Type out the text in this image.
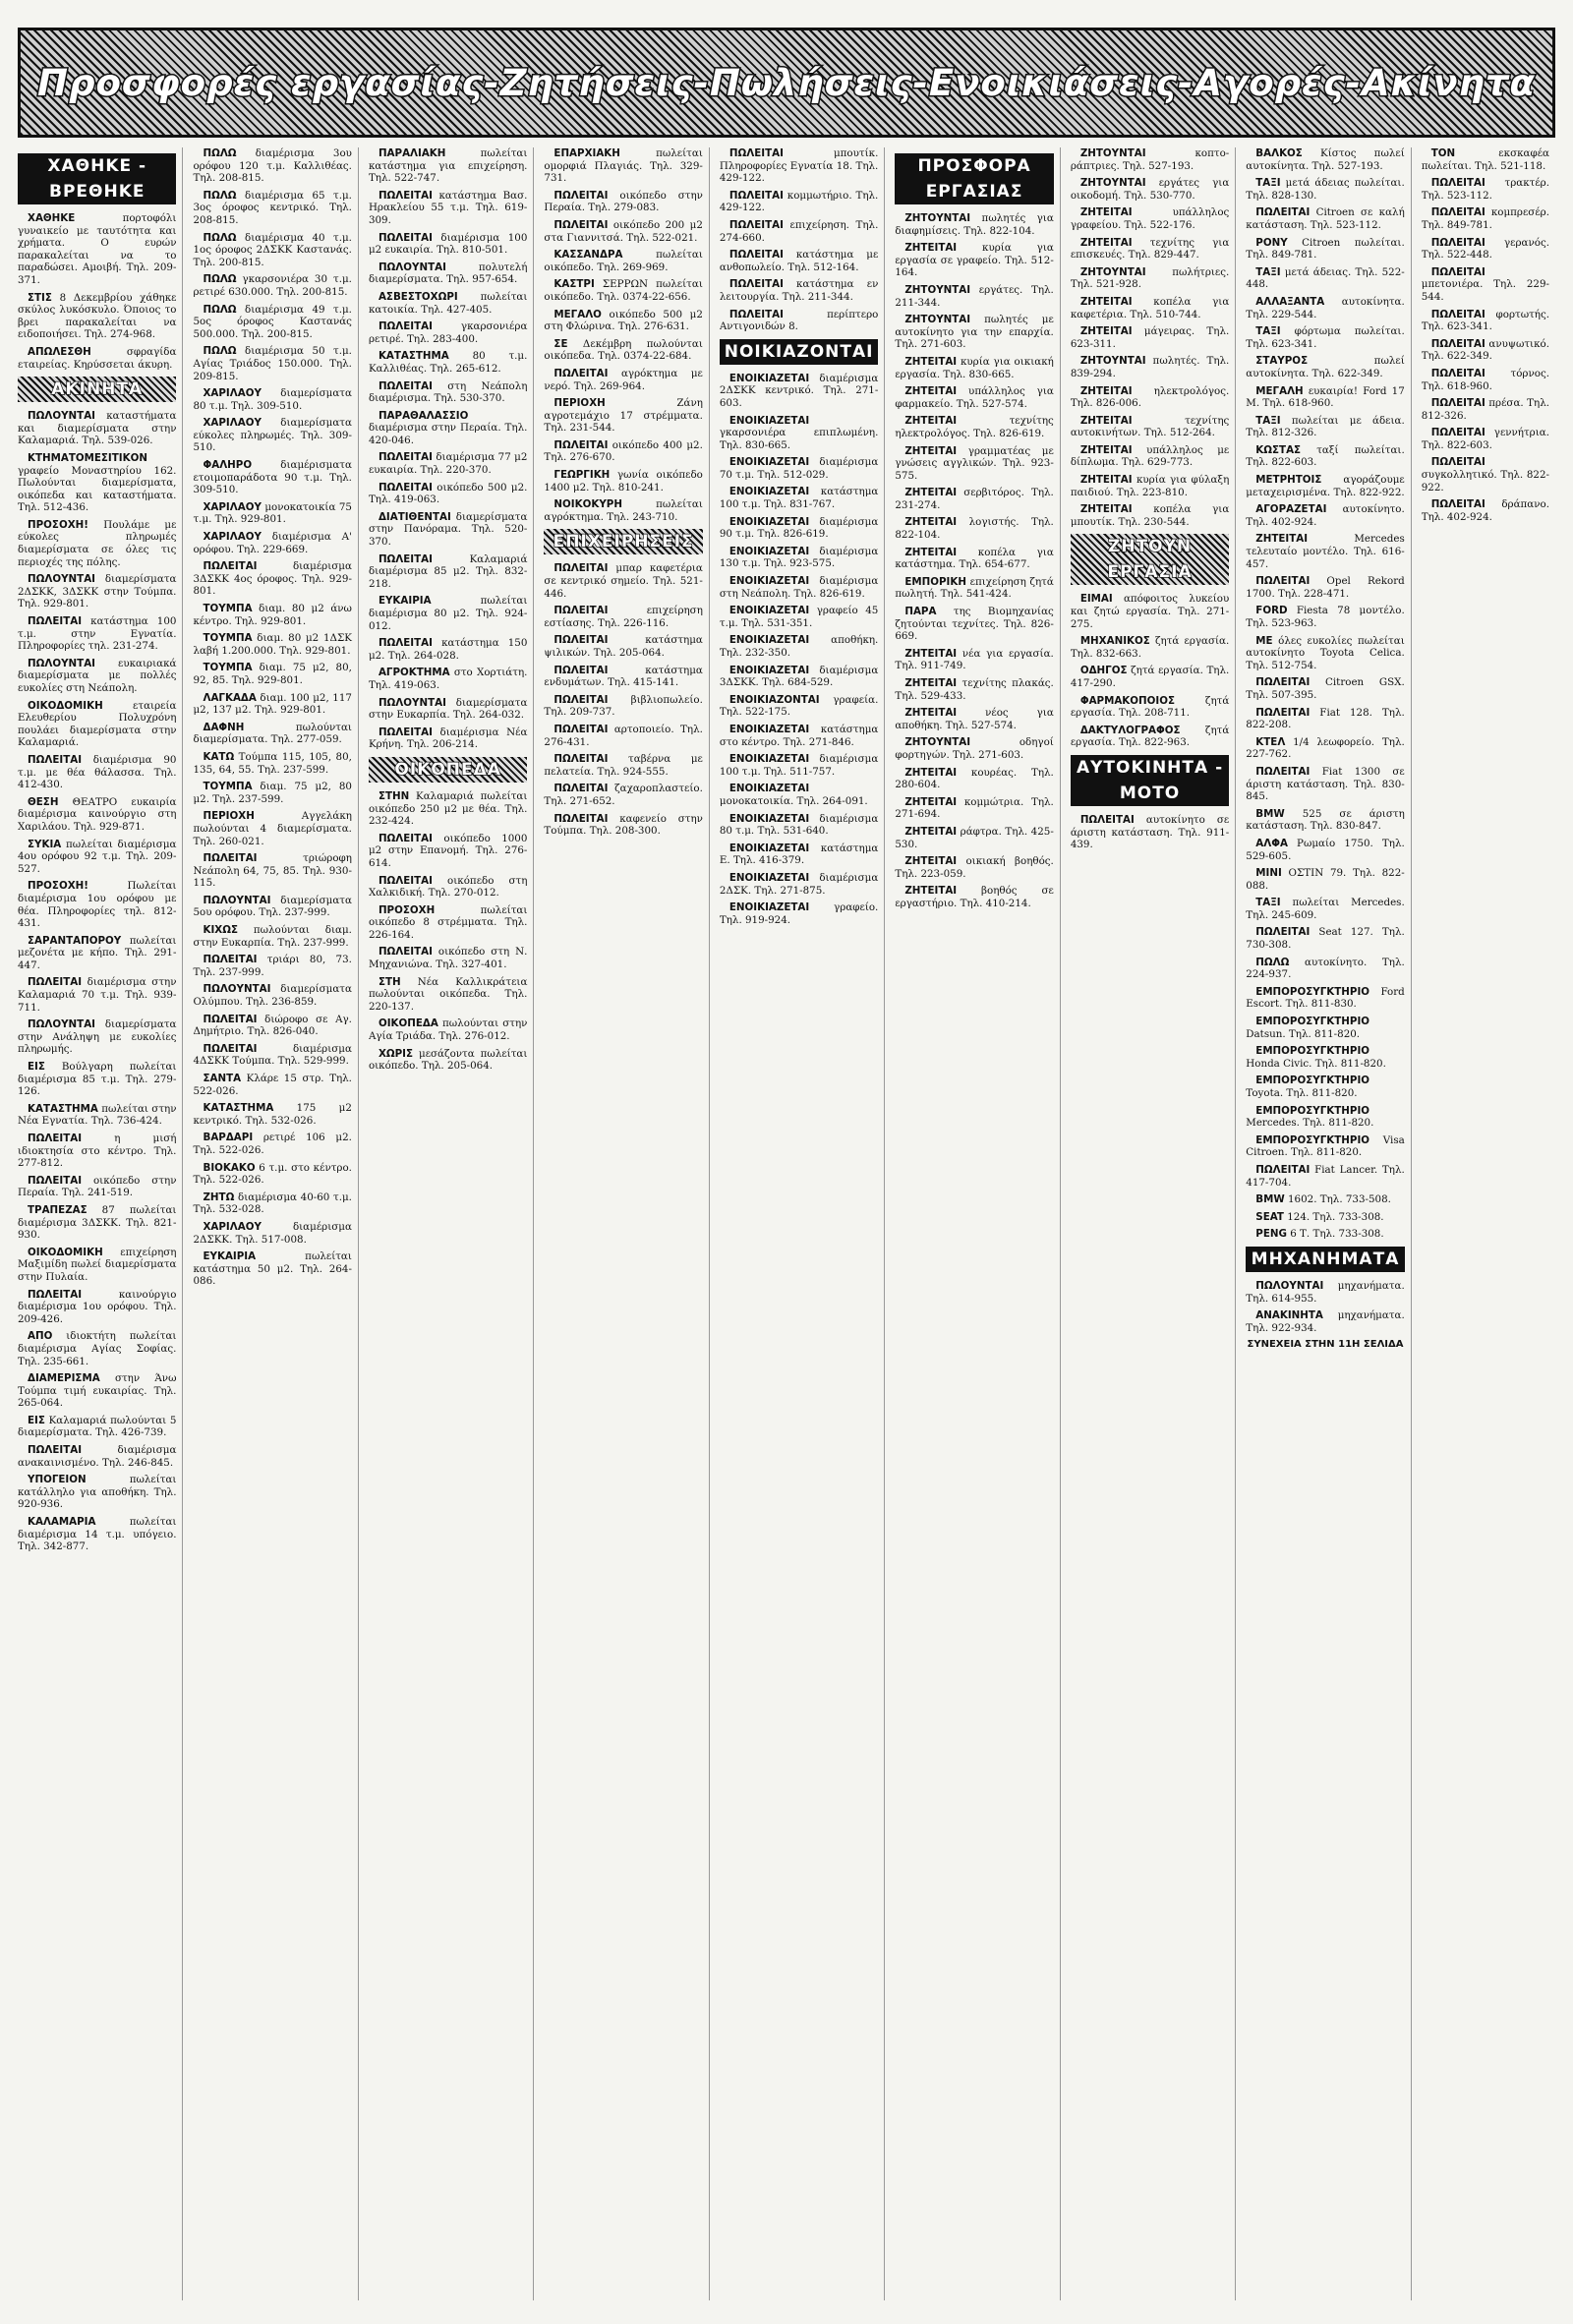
Προσφορές εργασίας-Ζητήσεις-Πωλήσεις-Ενοικιάσεις-Αγορές-Ακίνητα
ΧΑΘΗΚΕ - ΒΡΕΘΗΚΕ

ΧΑΘΗΚΕ πορτοφόλι γυναικείο με ταυτότητα και χρήματα. Ο ευρών παρακαλείται να το παραδώσει. Αμοιβή. Τηλ. 209-371.

ΣΤΙΣ 8 Δεκεμβρίου χάθηκε σκύλος λυκόσκυλο. Όποιος το βρει παρακαλείται να ειδοποιήσει. Τηλ. 274-968.

ΑΠΩΛΕΣΘΗ σφραγίδα εταιρείας. Κηρύσσεται άκυρη.

ΑΚΙΝΗΤΑ

ΠΩΛΟΥΝΤΑΙ καταστήματα και διαμερίσματα στην Καλαμαριά. Τηλ. 539-026.

ΚΤΗΜΑΤΟΜΕΣΙΤΙΚΟΝ γραφείο Μοναστηρίου 162. Πωλούνται διαμερίσματα, οικόπεδα και καταστήματα. Τηλ. 512-436.

ΠΡΟΣΟΧΗ! Πουλάμε με εύκολες πληρωμές διαμερίσματα σε όλες τις περιοχές της πόλης.

ΠΩΛΟΥΝΤΑΙ διαμερίσματα 2ΔΣΚΚ, 3ΔΣΚΚ στην Τούμπα. Τηλ. 929-801.

ΠΩΛΕΙΤΑΙ κατάστημα 100 τ.μ. στην Εγνατία. Πληροφορίες τηλ. 231-274.

ΠΩΛΟΥΝΤΑΙ ευκαιριακά διαμερίσματα με πολλές ευκολίες στη Νεάπολη.

ΟΙΚΟΔΟΜΙΚΗ εταιρεία Ελευθερίου Πολυχρόνη πουλάει διαμερίσματα στην Καλαμαριά.

ΠΩΛΕΙΤΑΙ διαμέρισμα 90 τ.μ. με θέα θάλασσα. Τηλ. 412-430.

ΘΕΣΗ ΘΕΑΤΡΟ ευκαιρία διαμέρισμα καινούργιο στη Χαριλάου. Τηλ. 929-871.

ΣΥΚΙΑ πωλείται διαμέρισμα 4ου ορόφου 92 τ.μ. Τηλ. 209-527.

ΠΡΟΣΟΧΗ! Πωλείται διαμέρισμα 1ου ορόφου με θέα. Πληροφορίες τηλ. 812-431.

ΣΑΡΑΝΤΑΠΟΡΟΥ πωλείται μεζονέτα με κήπο. Τηλ. 291-447.

ΠΩΛΕΙΤΑΙ διαμέρισμα στην Καλαμαριά 70 τ.μ. Τηλ. 939-711.

ΠΩΛΟΥΝΤΑΙ διαμερίσματα στην Ανάληψη με ευκολίες πληρωμής.

ΕΙΣ Βούλγαρη πωλείται διαμέρισμα 85 τ.μ. Τηλ. 279-126.

ΚΑΤΑΣΤΗΜΑ πωλείται στην Νέα Εγνατία. Τηλ. 736-424.

ΠΩΛΕΙΤΑΙ η μισή ιδιοκτησία στο κέντρο. Τηλ. 277-812.

ΠΩΛΕΙΤΑΙ οικόπεδο στην Περαία. Τηλ. 241-519.

ΤΡΑΠΕΖΑΣ 87 πωλείται διαμέρισμα 3ΔΣΚΚ. Τηλ. 821-930.

ΟΙΚΟΔΟΜΙΚΗ επιχείρηση Μαξιμίδη πωλεί διαμερίσματα στην Πυλαία.

ΠΩΛΕΙΤΑΙ καινούργιο διαμέρισμα 1ου ορόφου. Τηλ. 209-426.

ΑΠΟ ιδιοκτήτη πωλείται διαμέρισμα Αγίας Σοφίας. Τηλ. 235-661.

ΔΙΑΜΕΡΙΣΜΑ στην Άνω Τούμπα τιμή ευκαιρίας. Τηλ. 265-064.

ΕΙΣ Καλαμαριά πωλούνται 5 διαμερίσματα. Τηλ. 426-739.

ΠΩΛΕΙΤΑΙ διαμέρισμα ανακαινισμένο. Τηλ. 246-845.

ΥΠΟΓΕΙΟΝ πωλείται κατάλληλο για αποθήκη. Τηλ. 920-936.

ΚΑΛΑΜΑΡΙΑ πωλείται διαμέρισμα 14 τ.μ. υπόγειο. Τηλ. 342-877.

ΠΩΛΩ διαμέρισμα 3ου ορόφου 120 τ.μ. Καλλιθέας. Τηλ. 208-815.

ΠΩΛΩ διαμέρισμα 65 τ.μ. 3ος όροφος κεντρικό. Τηλ. 208-815.

ΠΩΛΩ διαμέρισμα 40 τ.μ. 1ος όροφος 2ΔΣΚΚ Καστανάς. Τηλ. 200-815.

ΠΩΛΩ γκαρσονιέρα 30 τ.μ. ρετιρέ 630.000. Τηλ. 200-815.

ΠΩΛΩ διαμέρισμα 49 τ.μ. 5ος όροφος Καστανάς 500.000. Τηλ. 200-815.

ΠΩΛΩ διαμέρισμα 50 τ.μ. Αγίας Τριάδος 150.000. Τηλ. 209-815.

ΧΑΡΙΛΑΟΥ διαμερίσματα 80 τ.μ. Τηλ. 309-510.

ΧΑΡΙΛΑΟΥ διαμερίσματα εύκολες πληρωμές. Τηλ. 309-510.

ΦΑΛΗΡΟ διαμέρισματα ετοιμοπαράδοτα 90 τ.μ. Τηλ. 309-510.

ΧΑΡΙΛΑΟΥ μονοκατοικία 75 τ.μ. Τηλ. 929-801.

ΧΑΡΙΛΑΟΥ διαμέρισμα Α' ορόφου. Τηλ. 229-669.

ΠΩΛΕΙΤΑΙ διαμέρισμα 3ΔΣΚΚ 4ος όροφος. Τηλ. 929-801.

ΤΟΥΜΠΑ διαμ. 80 μ2 άνω κέντρο. Τηλ. 929-801.

ΤΟΥΜΠΑ διαμ. 80 μ2 1ΔΣΚ λαβή 1.200.000. Τηλ. 929-801.

ΤΟΥΜΠΑ διαμ. 75 μ2, 80, 92, 85. Τηλ. 929-801.

ΛΑΓΚΑΔΑ διαμ. 100 μ2, 117 μ2, 137 μ2. Τηλ. 929-801.

ΔΑΦΝΗ πωλούνται διαμερίσματα. Τηλ. 277-059.

ΚΑΤΩ Τούμπα 115, 105, 80, 135, 64, 55. Τηλ. 237-599.

ΤΟΥΜΠΑ διαμ. 75 μ2, 80 μ2. Τηλ. 237-599.

ΠΕΡΙΟΧΗ Αγγελάκη πωλούνται 4 διαμερίσματα. Τηλ. 260-021.

ΠΩΛΕΙΤΑΙ τριώροφη Νεάπολη 64, 75, 85. Τηλ. 930-115.

ΠΩΛΟΥΝΤΑΙ διαμερίσματα 5ου ορόφου. Τηλ. 237-999.

ΚΙΧΩΣ πωλούνται διαμ. στην Ευκαρπία. Τηλ. 237-999.

ΠΩΛΕΙΤΑΙ τριάρι 80, 73. Τηλ. 237-999.

ΠΩΛΟΥΝΤΑΙ διαμερίσματα Ολύμπου. Τηλ. 236-859.

ΠΩΛΕΙΤΑΙ διώροφο σε Αγ. Δημήτριο. Τηλ. 826-040.

ΠΩΛΕΙΤΑΙ διαμέρισμα 4ΔΣΚΚ Τούμπα. Τηλ. 529-999.

ΣΑΝΤΑ Κλάρε 15 στρ. Τηλ. 522-026.

ΚΑΤΑΣΤΗΜΑ 175 μ2 κεντρικό. Τηλ. 532-026.

ΒΑΡΔΑΡΙ ρετιρέ 106 μ2. Τηλ. 522-026.

ΒΙΟΚΑΚΟ 6 τ.μ. στο κέντρο. Τηλ. 522-026.

ΖΗΤΩ διαμέρισμα 40-60 τ.μ. Τηλ. 532-028.

ΧΑΡΙΛΑΟΥ διαμέρισμα 2ΔΣΚΚ. Τηλ. 517-008.

ΕΥΚΑΙΡΙΑ πωλείται κατάστημα 50 μ2. Τηλ. 264-086.

ΠΑΡΑΛΙΑΚΗ πωλείται κατάστημα για επιχείρηση. Τηλ. 522-747.

ΠΩΛΕΙΤΑΙ κατάστημα Βασ. Ηρακλείου 55 τ.μ. Τηλ. 619-309.

ΠΩΛΕΙΤΑΙ διαμέρισμα 100 μ2 ευκαιρία. Τηλ. 810-501.

ΠΩΛΟΥΝΤΑΙ πολυτελή διαμερίσματα. Τηλ. 957-654.

ΑΣΒΕΣΤΟΧΩΡΙ πωλείται κατοικία. Τηλ. 427-405.

ΠΩΛΕΙΤΑΙ γκαρσονιέρα ρετιρέ. Τηλ. 283-400.

ΚΑΤΑΣΤΗΜΑ 80 τ.μ. Καλλιθέας. Τηλ. 265-612.

ΠΩΛΕΙΤΑΙ στη Νεάπολη διαμέρισμα. Τηλ. 530-370.

ΠΑΡΑΘΑΛΑΣΣΙΟ διαμέρισμα στην Περαία. Τηλ. 420-046.

ΠΩΛΕΙΤΑΙ διαμέρισμα 77 μ2 ευκαιρία. Τηλ. 220-370.

ΠΩΛΕΙΤΑΙ οικόπεδο 500 μ2. Τηλ. 419-063.

ΔΙΑΤΙΘΕΝΤΑΙ διαμερίσματα στην Πανόραμα. Τηλ. 520-370.

ΠΩΛΕΙΤΑΙ Καλαμαριά διαμέρισμα 85 μ2. Τηλ. 832-218.

ΕΥΚΑΙΡΙΑ πωλείται διαμέρισμα 80 μ2. Τηλ. 924-012.

ΠΩΛΕΙΤΑΙ κατάστημα 150 μ2. Τηλ. 264-028.

ΑΓΡΟΚΤΗΜΑ στο Χορτιάτη. Τηλ. 419-063.

ΠΩΛΟΥΝΤΑΙ διαμερίσματα στην Ευκαρπία. Τηλ. 264-032.

ΠΩΛΕΙΤΑΙ διαμέρισμα Νέα Κρήνη. Τηλ. 206-214.

ΟΙΚΟΠΕΔΑ

ΣΤΗΝ Καλαμαριά πωλείται οικόπεδο 250 μ2 με θέα. Τηλ. 232-424.

ΠΩΛΕΙΤΑΙ οικόπεδο 1000 μ2 στην Επανομή. Τηλ. 276-614.

ΠΩΛΕΙΤΑΙ οικόπεδο στη Χαλκιδική. Τηλ. 270-012.

ΠΡΟΣΟΧΗ πωλείται οικόπεδο 8 στρέμματα. Τηλ. 226-164.

ΠΩΛΕΙΤΑΙ οικόπεδο στη Ν. Μηχανιώνα. Τηλ. 327-401.

ΣΤΗ Νέα Καλλικράτεια πωλούνται οικόπεδα. Τηλ. 220-137.

ΟΙΚΟΠΕΔΑ πωλούνται στην Αγία Τριάδα. Τηλ. 276-012.

ΧΩΡΙΣ μεσάζοντα πωλείται οικόπεδο. Τηλ. 205-064.

ΕΠΑΡΧΙΑΚΗ πωλείται ομορφιά Πλαγιάς. Τηλ. 329-731.

ΠΩΛΕΙΤΑΙ οικόπεδο στην Περαία. Τηλ. 279-083.

ΠΩΛΕΙΤΑΙ οικόπεδο 200 μ2 στα Γιαννιτσά. Τηλ. 522-021.

ΚΑΣΣΑΝΔΡΑ πωλείται οικόπεδο. Τηλ. 269-969.

ΚΑΣΤΡΙ ΣΕΡΡΩΝ πωλείται οικόπεδο. Τηλ. 0374-22-656.

ΜΕΓΑΛΟ οικόπεδο 500 μ2 στη Φλώρινα. Τηλ. 276-631.

ΣΕ Δεκέμβρη πωλούνται οικόπεδα. Τηλ. 0374-22-684.

ΠΩΛΕΙΤΑΙ αγρόκτημα με νερό. Τηλ. 269-964.

ΠΕΡΙΟΧΗ Ζάνη αγροτεμάχιο 17 στρέμματα. Τηλ. 231-544.

ΠΩΛΕΙΤΑΙ οικόπεδο 400 μ2. Τηλ. 276-670.

ΓΕΩΡΓΙΚΗ γωνία οικόπεδο 1400 μ2. Τηλ. 810-241.

ΝΟΙΚΟΚΥΡΗ πωλείται αγρόκτημα. Τηλ. 243-710.

ΕΠΙΧΕΙΡΗΣΕΙΣ

ΠΩΛΕΙΤΑΙ μπαρ καφετέρια σε κεντρικό σημείο. Τηλ. 521-446.

ΠΩΛΕΙΤΑΙ επιχείρηση εστίασης. Τηλ. 226-116.

ΠΩΛΕΙΤΑΙ κατάστημα ψιλικών. Τηλ. 205-064.

ΠΩΛΕΙΤΑΙ κατάστημα ενδυμάτων. Τηλ. 415-141.

ΠΩΛΕΙΤΑΙ βιβλιοπωλείο. Τηλ. 209-737.

ΠΩΛΕΙΤΑΙ αρτοποιείο. Τηλ. 276-431.

ΠΩΛΕΙΤΑΙ ταβέρνα με πελατεία. Τηλ. 924-555.

ΠΩΛΕΙΤΑΙ ζαχαροπλαστείο. Τηλ. 271-652.

ΠΩΛΕΙΤΑΙ καφενείο στην Τούμπα. Τηλ. 208-300.

ΠΩΛΕΙΤΑΙ μπουτίκ. Πληροφορίες Εγνατία 18. Τηλ. 429-122.

ΠΩΛΕΙΤΑΙ κομμωτήριο. Τηλ. 429-122.

ΠΩΛΕΙΤΑΙ επιχείρηση. Τηλ. 274-660.

ΠΩΛΕΙΤΑΙ κατάστημα με ανθοπωλείο. Τηλ. 512-164.

ΠΩΛΕΙΤΑΙ κατάστημα εν λειτουργία. Τηλ. 211-344.

ΠΩΛΕΙΤΑΙ περίπτερο Αντιγονιδών 8.

ΝΟΙΚΙΑΖΟΝΤΑΙ

ΕΝΟΙΚΙΑΖΕΤΑΙ διαμέρισμα 2ΔΣΚΚ κεντρικό. Τηλ. 271-603.

ΕΝΟΙΚΙΑΖΕΤΑΙ γκαρσονιέρα επιπλωμένη. Τηλ. 830-665.

ΕΝΟΙΚΙΑΖΕΤΑΙ διαμέρισμα 70 τ.μ. Τηλ. 512-029.

ΕΝΟΙΚΙΑΖΕΤΑΙ κατάστημα 100 τ.μ. Τηλ. 831-767.

ΕΝΟΙΚΙΑΖΕΤΑΙ διαμέρισμα 90 τ.μ. Τηλ. 826-619.

ΕΝΟΙΚΙΑΖΕΤΑΙ διαμέρισμα 130 τ.μ. Τηλ. 923-575.

ΕΝΟΙΚΙΑΖΕΤΑΙ διαμέρισμα στη Νεάπολη. Τηλ. 826-619.

ΕΝΟΙΚΙΑΖΕΤΑΙ γραφείο 45 τ.μ. Τηλ. 531-351.

ΕΝΟΙΚΙΑΖΕΤΑΙ αποθήκη. Τηλ. 232-350.

ΕΝΟΙΚΙΑΖΕΤΑΙ διαμέρισμα 3ΔΣΚΚ. Τηλ. 684-529.

ΕΝΟΙΚΙΑΖΟΝΤΑΙ γραφεία. Τηλ. 522-175.

ΕΝΟΙΚΙΑΖΕΤΑΙ κατάστημα στο κέντρο. Τηλ. 271-846.

ΕΝΟΙΚΙΑΖΕΤΑΙ διαμέρισμα 100 τ.μ. Τηλ. 511-757.

ΕΝΟΙΚΙΑΖΕΤΑΙ μονοκατοικία. Τηλ. 264-091.

ΕΝΟΙΚΙΑΖΕΤΑΙ διαμέρισμα 80 τ.μ. Τηλ. 531-640.

ΕΝΟΙΚΙΑΖΕΤΑΙ κατάστημα Ε. Τηλ. 416-379.

ΕΝΟΙΚΙΑΖΕΤΑΙ διαμέρισμα 2ΔΣΚ. Τηλ. 271-875.

ΕΝΟΙΚΙΑΖΕΤΑΙ γραφείο. Τηλ. 919-924.

ΠΡΟΣΦΟΡΑ ΕΡΓΑΣΙΑΣ

ΖΗΤΟΥΝΤΑΙ πωλητές για διαφημίσεις. Τηλ. 822-104.

ΖΗΤΕΙΤΑΙ κυρία για εργασία σε γραφείο. Τηλ. 512-164.

ΖΗΤΟΥΝΤΑΙ εργάτες. Τηλ. 211-344.

ΖΗΤΟΥΝΤΑΙ πωλητές με αυτοκίνητο για την επαρχία. Τηλ. 271-603.

ΖΗΤΕΙΤΑΙ κυρία για οικιακή εργασία. Τηλ. 830-665.

ΖΗΤΕΙΤΑΙ υπάλληλος για φαρμακείο. Τηλ. 527-574.

ΖΗΤΕΙΤΑΙ τεχνίτης ηλεκτρολόγος. Τηλ. 826-619.

ΖΗΤΕΙΤΑΙ γραμματέας με γνώσεις αγγλικών. Τηλ. 923-575.

ΖΗΤΕΙΤΑΙ σερβιτόρος. Τηλ. 231-274.

ΖΗΤΕΙΤΑΙ λογιστής. Τηλ. 822-104.

ΖΗΤΕΙΤΑΙ κοπέλα για κατάστημα. Τηλ. 654-677.

ΕΜΠΟΡΙΚΗ επιχείρηση ζητά πωλητή. Τηλ. 541-424.

ΠΑΡΑ της Βιομηχανίας ζητούνται τεχνίτες. Τηλ. 826-669.

ΖΗΤΕΙΤΑΙ νέα για εργασία. Τηλ. 911-749.

ΖΗΤΕΙΤΑΙ τεχνίτης πλακάς. Τηλ. 529-433.

ΖΗΤΕΙΤΑΙ νέος για αποθήκη. Τηλ. 527-574.

ΖΗΤΟΥΝΤΑΙ οδηγοί φορτηγών. Τηλ. 271-603.

ΖΗΤΕΙΤΑΙ κουρέας. Τηλ. 280-604.

ΖΗΤΕΙΤΑΙ κομμώτρια. Τηλ. 271-694.

ΖΗΤΕΙΤΑΙ ράφτρα. Τηλ. 425-530.

ΖΗΤΕΙΤΑΙ οικιακή βοηθός. Τηλ. 223-059.

ΖΗΤΕΙΤΑΙ βοηθός σε εργαστήριο. Τηλ. 410-214.

ΖΗΤΟΥΝΤΑΙ κοπτο-ράπτριες. Τηλ. 527-193.

ΖΗΤΟΥΝΤΑΙ εργάτες για οικοδομή. Τηλ. 530-770.

ΖΗΤΕΙΤΑΙ υπάλληλος γραφείου. Τηλ. 522-176.

ΖΗΤΕΙΤΑΙ τεχνίτης για επισκευές. Τηλ. 829-447.

ΖΗΤΟΥΝΤΑΙ πωλήτριες. Τηλ. 521-928.

ΖΗΤΕΙΤΑΙ κοπέλα για καφετέρια. Τηλ. 510-744.

ΖΗΤΕΙΤΑΙ μάγειρας. Τηλ. 623-311.

ΖΗΤΟΥΝΤΑΙ πωλητές. Τηλ. 839-294.

ΖΗΤΕΙΤΑΙ ηλεκτρολόγος. Τηλ. 826-006.

ΖΗΤΕΙΤΑΙ τεχνίτης αυτοκινήτων. Τηλ. 512-264.

ΖΗΤΕΙΤΑΙ υπάλληλος με δίπλωμα. Τηλ. 629-773.

ΖΗΤΕΙΤΑΙ κυρία για φύλαξη παιδιού. Τηλ. 223-810.

ΖΗΤΕΙΤΑΙ κοπέλα για μπουτίκ. Τηλ. 230-544.

ΖΗΤΟΥΝ ΕΡΓΑΣΙΑ

ΕΙΜΑΙ απόφοιτος λυκείου και ζητώ εργασία. Τηλ. 271-275.

ΜΗΧΑΝΙΚΟΣ ζητά εργασία. Τηλ. 832-663.

ΟΔΗΓΟΣ ζητά εργασία. Τηλ. 417-290.

ΦΑΡΜΑΚΟΠΟΙΟΣ ζητά εργασία. Τηλ. 208-711.

ΔΑΚΤΥΛΟΓΡΑΦΟΣ ζητά εργασία. Τηλ. 822-963.

ΑΥΤΟΚΙΝΗΤΑ - ΜΟΤΟ

ΠΩΛΕΙΤΑΙ αυτοκίνητο σε άριστη κατάσταση. Τηλ. 911-439.

ΒΑΛΚΟΣ Κίστος πωλεί αυτοκίνητα. Τηλ. 527-193.

ΤΑΞΙ μετά άδειας πωλείται. Τηλ. 828-130.

ΠΩΛΕΙΤΑΙ Citroen σε καλή κατάσταση. Τηλ. 523-112.

PONY Citroen πωλείται. Τηλ. 849-781.

ΤΑΞΙ μετά άδειας. Τηλ. 522-448.

ΑΛΛΑΞΑΝΤΑ αυτοκίνητα. Τηλ. 229-544.

ΤΑΞΙ φόρτωμα πωλείται. Τηλ. 623-341.

ΣΤΑΥΡΟΣ πωλεί αυτοκίνητα. Τηλ. 622-349.

ΜΕΓΑΛΗ ευκαιρία! Ford 17 Μ. Τηλ. 618-960.

ΤΑΞΙ πωλείται με άδεια. Τηλ. 812-326.

ΚΩΣΤΑΣ ταξί πωλείται. Τηλ. 822-603.

ΜΕΤΡΗΤΟΙΣ αγοράζουμε μεταχειρισμένα. Τηλ. 822-922.

ΑΓΟΡΑΖΕΤΑΙ αυτοκίνητο. Τηλ. 402-924.

ΖΗΤΕΙΤΑΙ Mercedes τελευταίο μοντέλο. Τηλ. 616-457.

ΠΩΛΕΙΤΑΙ Opel Rekord 1700. Τηλ. 228-471.

FORD Fiesta 78 μοντέλο. Τηλ. 523-963.

ΜΕ όλες ευκολίες πωλείται αυτοκίνητο Toyota Celica. Τηλ. 512-754.

ΠΩΛΕΙΤΑΙ Citroen GSX. Τηλ. 507-395.

ΠΩΛΕΙΤΑΙ Fiat 128. Τηλ. 822-208.

ΚΤΕΛ 1/4 λεωφορείο. Τηλ. 227-762.

ΠΩΛΕΙΤΑΙ Fiat 1300 σε άριστη κατάσταση. Τηλ. 830-845.

ΒΜW 525 σε άριστη κατάσταση. Τηλ. 830-847.

ΑΛΦΑ Ρωμαίο 1750. Τηλ. 529-605.

ΜΙΝΙ ΟΣΤΙΝ 79. Τηλ. 822-088.

ΤΑΞΙ πωλείται Mercedes. Τηλ. 245-609.

ΠΩΛΕΙΤΑΙ Seat 127. Τηλ. 730-308.

ΠΩΛΩ αυτοκίνητο. Τηλ. 224-937.

ΕΜΠΟΡΟΣΥΓΚΤΗΡΙΟ Ford Escort. Τηλ. 811-830.

ΕΜΠΟΡΟΣΥΓΚΤΗΡΙΟ Datsun. Τηλ. 811-820.

ΕΜΠΟΡΟΣΥΓΚΤΗΡΙΟ Honda Civic. Τηλ. 811-820.

ΕΜΠΟΡΟΣΥΓΚΤΗΡΙΟ Toyota. Τηλ. 811-820.

ΕΜΠΟΡΟΣΥΓΚΤΗΡΙΟ Mercedes. Τηλ. 811-820.

ΕΜΠΟΡΟΣΥΓΚΤΗΡΙΟ Visa Citroen. Τηλ. 811-820.

ΠΩΛΕΙΤΑΙ Fiat Lancer. Τηλ. 417-704.

ΒΜW 1602. Τηλ. 733-508.

SEAT 124. Τηλ. 733-308.

PENG 6 Τ. Τηλ. 733-308.

ΜΗΧΑΝΗΜΑΤΑ

ΠΩΛΟΥΝΤΑΙ μηχανήματα. Τηλ. 614-955.

ΑΝΑΚΙΝΗΤΑ μηχανήματα. Τηλ. 922-934.

ΣΥΝΕΧΕΙΑ ΣΤΗΝ 11Η ΣΕΛΙΔΑ

ΤΟΝ εκσκαφέα πωλείται. Τηλ. 521-118.

ΠΩΛΕΙΤΑΙ τρακτέρ. Τηλ. 523-112.

ΠΩΛΕΙΤΑΙ κομπρεσέρ. Τηλ. 849-781.

ΠΩΛΕΙΤΑΙ γερανός. Τηλ. 522-448.

ΠΩΛΕΙΤΑΙ μπετονιέρα. Τηλ. 229-544.

ΠΩΛΕΙΤΑΙ φορτωτής. Τηλ. 623-341.

ΠΩΛΕΙΤΑΙ ανυψωτικό. Τηλ. 622-349.

ΠΩΛΕΙΤΑΙ τόρνος. Τηλ. 618-960.

ΠΩΛΕΙΤΑΙ πρέσα. Τηλ. 812-326.

ΠΩΛΕΙΤΑΙ γεννήτρια. Τηλ. 822-603.

ΠΩΛΕΙΤΑΙ συγκολλητικό. Τηλ. 822-922.

ΠΩΛΕΙΤΑΙ δράπανο. Τηλ. 402-924.
